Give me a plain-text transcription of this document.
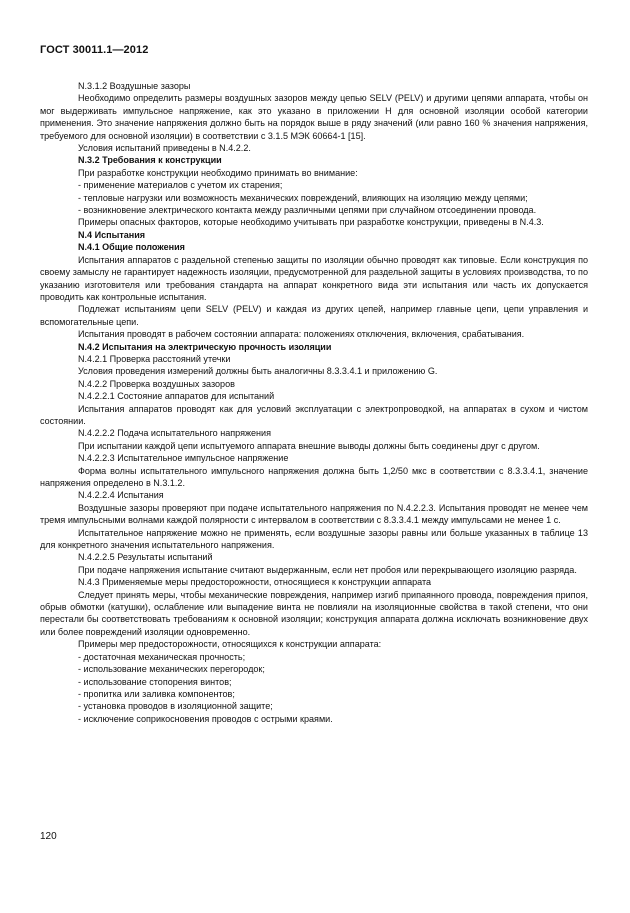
ГОСТ 30011.1—2012

N.3.1.2 Воздушные зазоры

Необходимо определить размеры воздушных зазоров между цепью SELV (PELV) и другими цепями аппарата, чтобы он мог выдерживать импульсное напряжение, как это указано в приложении Н для основной изоляции особой категории применения. Это значение напряжения должно быть на порядок выше в ряду значений (или равно 160 % значения напряжения, требуемого для основной изоляции) в соответствии с 3.1.5 МЭК 60664-1 [15].

Условия испытаний приведены в N.4.2.2.

N.3.2 Требования к конструкции

При разработке конструкции необходимо принимать во внимание:

- применение материалов с учетом их старения;

- тепловые нагрузки или возможность механических повреждений, влияющих на изоляцию между цепями;

- возникновение электрического контакта между различными цепями при случайном отсоединении провода.

Примеры опасных факторов, которые необходимо учитывать при разработке конструкции, приведены в N.4.3.

N.4 Испытания

N.4.1 Общие положения

Испытания аппаратов с раздельной степенью защиты по изоляции обычно проводят как типовые. Если конструкция по своему замыслу не гарантирует надежность изоляции, предусмотренной для раздельной защиты в условиях производства, то по указанию изготовителя или требования стандарта на аппарат конкретного вида эти испытания или часть их допускается проводить как контрольные испытания.

Подлежат испытаниям цепи SELV (PELV) и каждая из других цепей, например главные цепи, цепи управления и вспомогательные цепи.

Испытания проводят в рабочем состоянии аппарата: положениях отключения, включения, срабатывания.

N.4.2 Испытания на электрическую прочность изоляции

N.4.2.1 Проверка расстояний утечки

Условия проведения измерений должны быть аналогичны 8.3.3.4.1 и приложению G.

N.4.2.2 Проверка воздушных зазоров

N.4.2.2.1 Состояние аппаратов для испытаний

Испытания аппаратов проводят как для условий эксплуатации с электропроводкой, на аппаратах в сухом и чистом состоянии.

N.4.2.2.2 Подача испытательного напряжения

При испытании каждой цепи испытуемого аппарата внешние выводы должны быть соединены друг с другом.

N.4.2.2.3 Испытательное импульсное напряжение

Форма волны испытательного импульсного напряжения должна быть 1,2/50 мкс в соответствии с 8.3.3.4.1, значение напряжения определено в N.3.1.2.

N.4.2.2.4 Испытания

Воздушные зазоры проверяют при подаче испытательного напряжения по N.4.2.2.3. Испытания проводят не менее чем тремя импульсными волнами каждой полярности с интервалом в соответствии с 8.3.3.4.1 между импульсами не менее 1 с.

Испытательное напряжение можно не применять, если воздушные зазоры равны или больше указанных в таблице 13 для конкретного значения испытательного напряжения.

N.4.2.2.5 Результаты испытаний

При подаче напряжения испытание считают выдержанным, если нет пробоя или перекрывающего изоляцию разряда.

N.4.3 Применяемые меры предосторожности, относящиеся к конструкции аппарата

Следует принять меры, чтобы механические повреждения, например изгиб припаянного провода, повреждения припоя, обрыв обмотки (катушки), ослабление или выпадение винта не повлияли на изоляционные свойства в такой степени, что они перестали бы соответствовать требованиям к основной изоляции; конструкция аппарата должна исключать возникновение двух или более повреждений изоляции одновременно.

Примеры мер предосторожности, относящихся к конструкции аппарата:

- достаточная механическая прочность;

- использование механических перегородок;

- использование стопорения винтов;

- пропитка или заливка компонентов;

- установка проводов в изоляционной защите;

- исключение соприкосновения проводов с острыми краями.

120
